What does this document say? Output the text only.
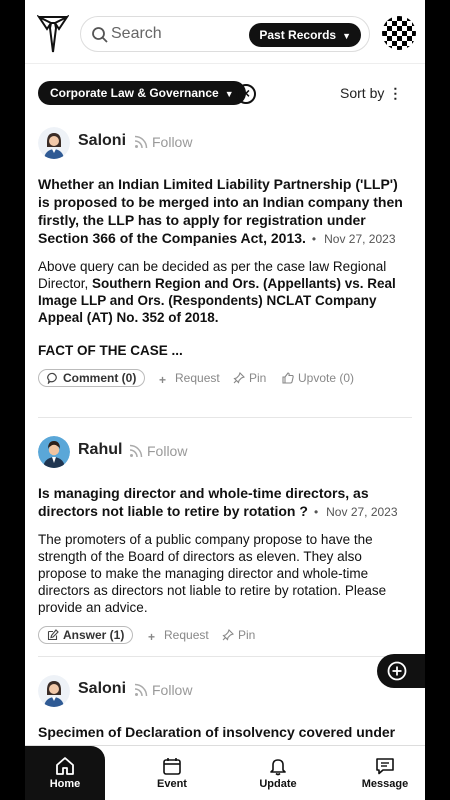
Search	Past Records ▼
Corporate Law & Governance ▼ ×	Sort by ⋮
Saloni	Follow
Whether an Indian Limited Liability Partnership ('LLP') is proposed to be merged into an Indian company then firstly, the LLP has to apply for registration under Section 366 of the Companies Act, 2013. • Nov 27, 2023
Above query can be decided as per the case law Regional Director, Southern Region and Ors. (Appellants) vs. Real Image LLP and Ors. (Respondents) NCLAT Company Appeal (AT) No. 352 of 2018.
FACT OF THE CASE ...
Comment (0)	+ Request	Pin	Upvote (0)
Rahul	Follow
Is managing director and whole-time directors, as directors not liable to retire by rotation ? • Nov 27, 2023
The promoters of a public company propose to have the strength of the Board of directors as eleven. They also propose to make the managing director and whole-time directors as directors not liable to retire by rotation. Please provide an advice.
Answer (1)	+ Request	Pin
Saloni	Follow
Specimen of Declaration of insolvency covered under
Home	Event	Update	Message
